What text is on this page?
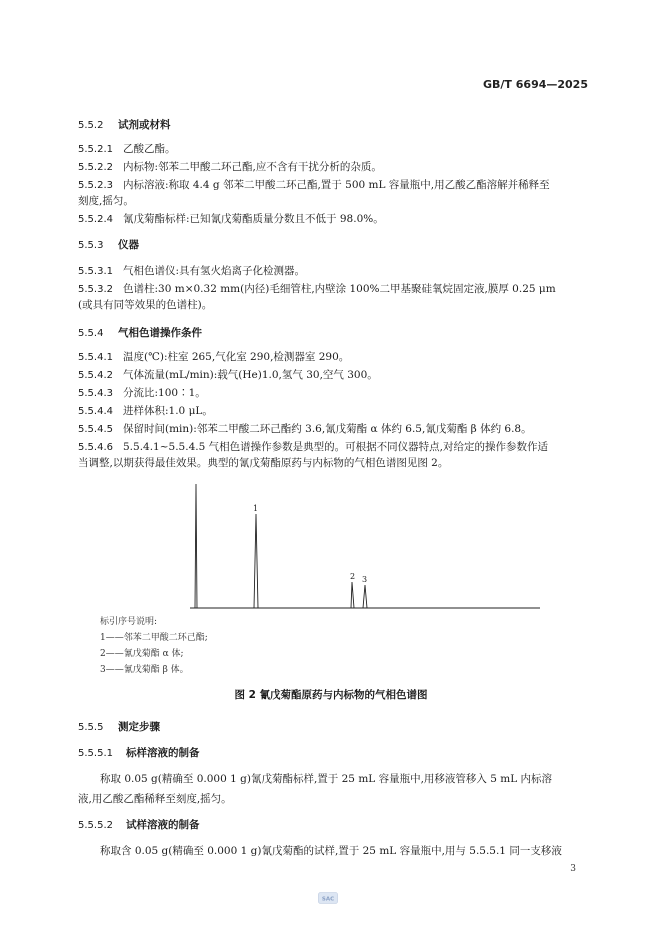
GB/T 6694—2025
5.5.2 试剂或材料
5.5.2.1 乙酸乙酯。
5.5.2.2 内标物:邻苯二甲酸二环己酯,应不含有干扰分析的杂质。
5.5.2.3 内标溶液:称取 4.4 g 邻苯二甲酸二环己酯,置于 500 mL 容量瓶中,用乙酸乙酯溶解并稀释至
刻度,摇匀。
5.5.2.4 氰戊菊酯标样:已知氰戊菊酯质量分数且不低于 98.0%。
5.5.3 仪器
5.5.3.1 气相色谱仪:具有氢火焰离子化检测器。
5.5.3.2 色谱柱:30 m×0.32 mm(内径)毛细管柱,内壁涂 100%二甲基聚硅氧烷固定液,膜厚 0.25 μm
(或具有同等效果的色谱柱)。
5.5.4 气相色谱操作条件
5.5.4.1 温度(℃):柱室 265,气化室 290,检测器室 290。
5.5.4.2 气体流量(mL/min):载气(He)1.0,氢气 30,空气 300。
5.5.4.3 分流比:100∶1。
5.5.4.4 进样体积:1.0 μL。
5.5.4.5 保留时间(min):邻苯二甲酸二环己酯约 3.6,氰戊菊酯 α 体约 6.5,氰戊菊酯 β 体约 6.8。
5.5.4.6 5.5.4.1~5.5.4.5 气相色谱操作参数是典型的。可根据不同仪器特点,对给定的操作参数作适
当调整,以期获得最佳效果。典型的氰戊菊酯原药与内标物的气相色谱图见图 2。
1
2 3
标引序号说明:
1——邻苯二甲酸二环己酯;
2——氰戊菊酯 α 体;
3——氰戊菊酯 β 体。
图 2 氰戊菊酯原药与内标物的气相色谱图
5.5.5 测定步骤
5.5.5.1 标样溶液的制备
称取 0.05 g(精确至 0.000 1 g)氰戊菊酯标样,置于 25 mL 容量瓶中,用移液管移入 5 mL 内标溶
液,用乙酸乙酯稀释至刻度,摇匀。
5.5.5.2 试样溶液的制备
称取含 0.05 g(精确至 0.000 1 g)氰戊菊酯的试样,置于 25 mL 容量瓶中,用与 5.5.5.1 同一支移液
3
SAC
